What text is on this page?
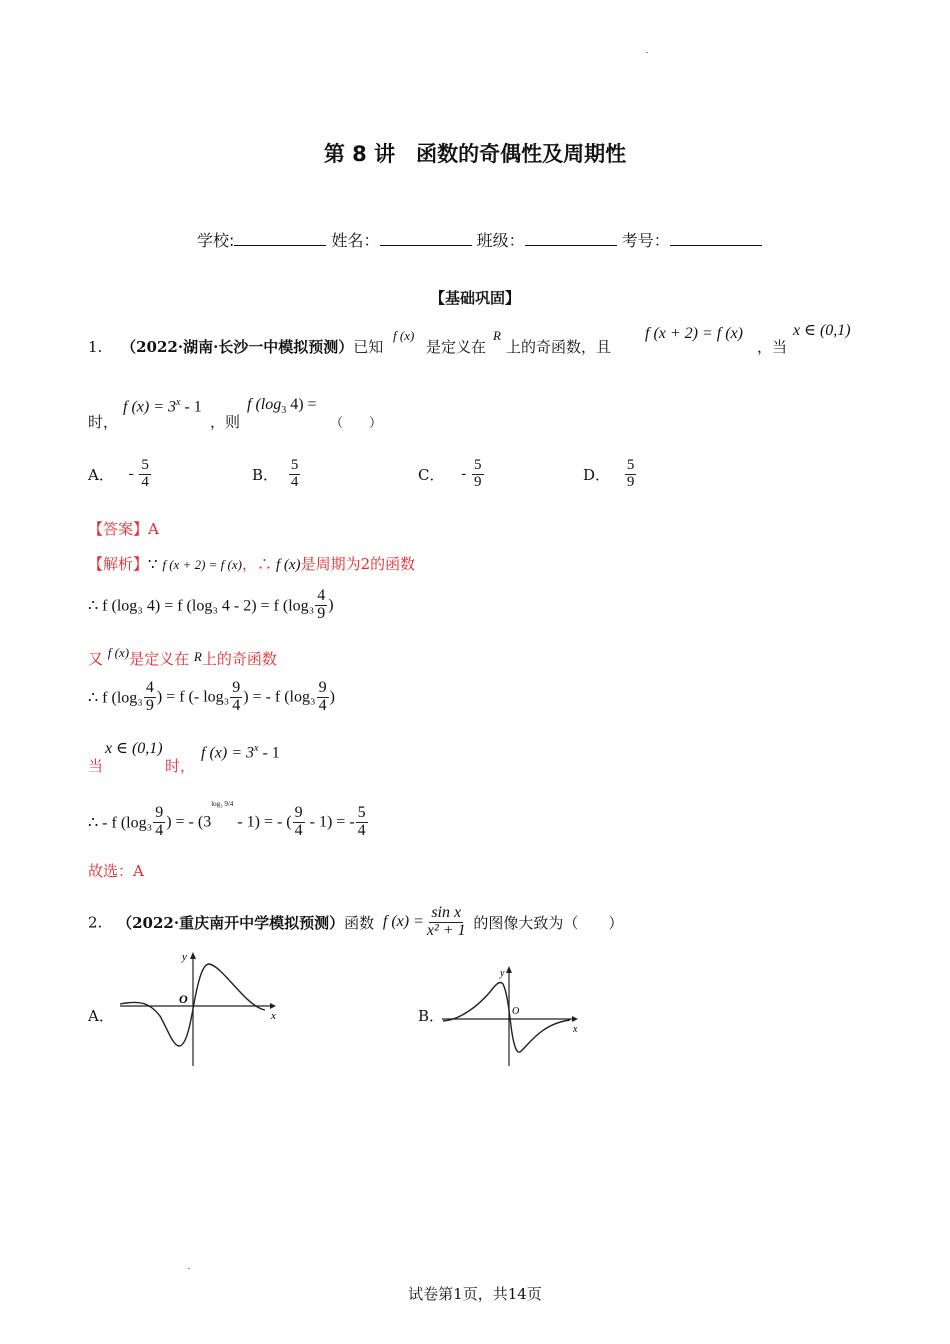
第 8 讲　函数的奇偶性及周期性
学校:	姓名：	班级：	考号：
【基础巩固】
1. （2022·湖南·长沙一中模拟预测）已知
f (x)
是定义在
R
上的奇函数，且
f (x + 2) = f (x)
，当
x ∈ (0,1)
时，
f $(x) = 3^x - 1$
，则
f ($\log_3$ 4) =
（　　）
A． - $\frac{5}{4}$	B． $\frac{5}{4}$	C． - $\frac{5}{9}$	D． $\frac{5}{9}$
【答案】A
【解析】∵ f (x + 2) = f (x)，∴ f (x)是周期为2的函数
∴ f (log₃ 4) = f (log₃ 4 - 2) = f ($\log_3 \frac{4}{9}$ )
又 f (x)是定义在 R上的奇函数
∴ f ($\log_3 \frac{4}{9}$ ) = f (- $\log_3 \frac{9}{4}$ ) = - f ($\log_3 \frac{9}{4}$ )
当
x ∈ (0,1)
时，
f $(x) = 3^x - 1$
∴ - f ($\log_3 \frac{9}{4}$ ) = - $(3^{log_3 9/4} - 1)$ = - ( $\frac{9}{4} - 1$) = - $\frac{5}{4}$
故选：A
2. （2022·重庆南开中学模拟预测）函数 f $(x) = \frac{\text{sin x}}{\text{x² + 1}}$ 的图像大致为（　　）
A．
y
x
O
B．
y
x
O
试卷第1页，共14页
